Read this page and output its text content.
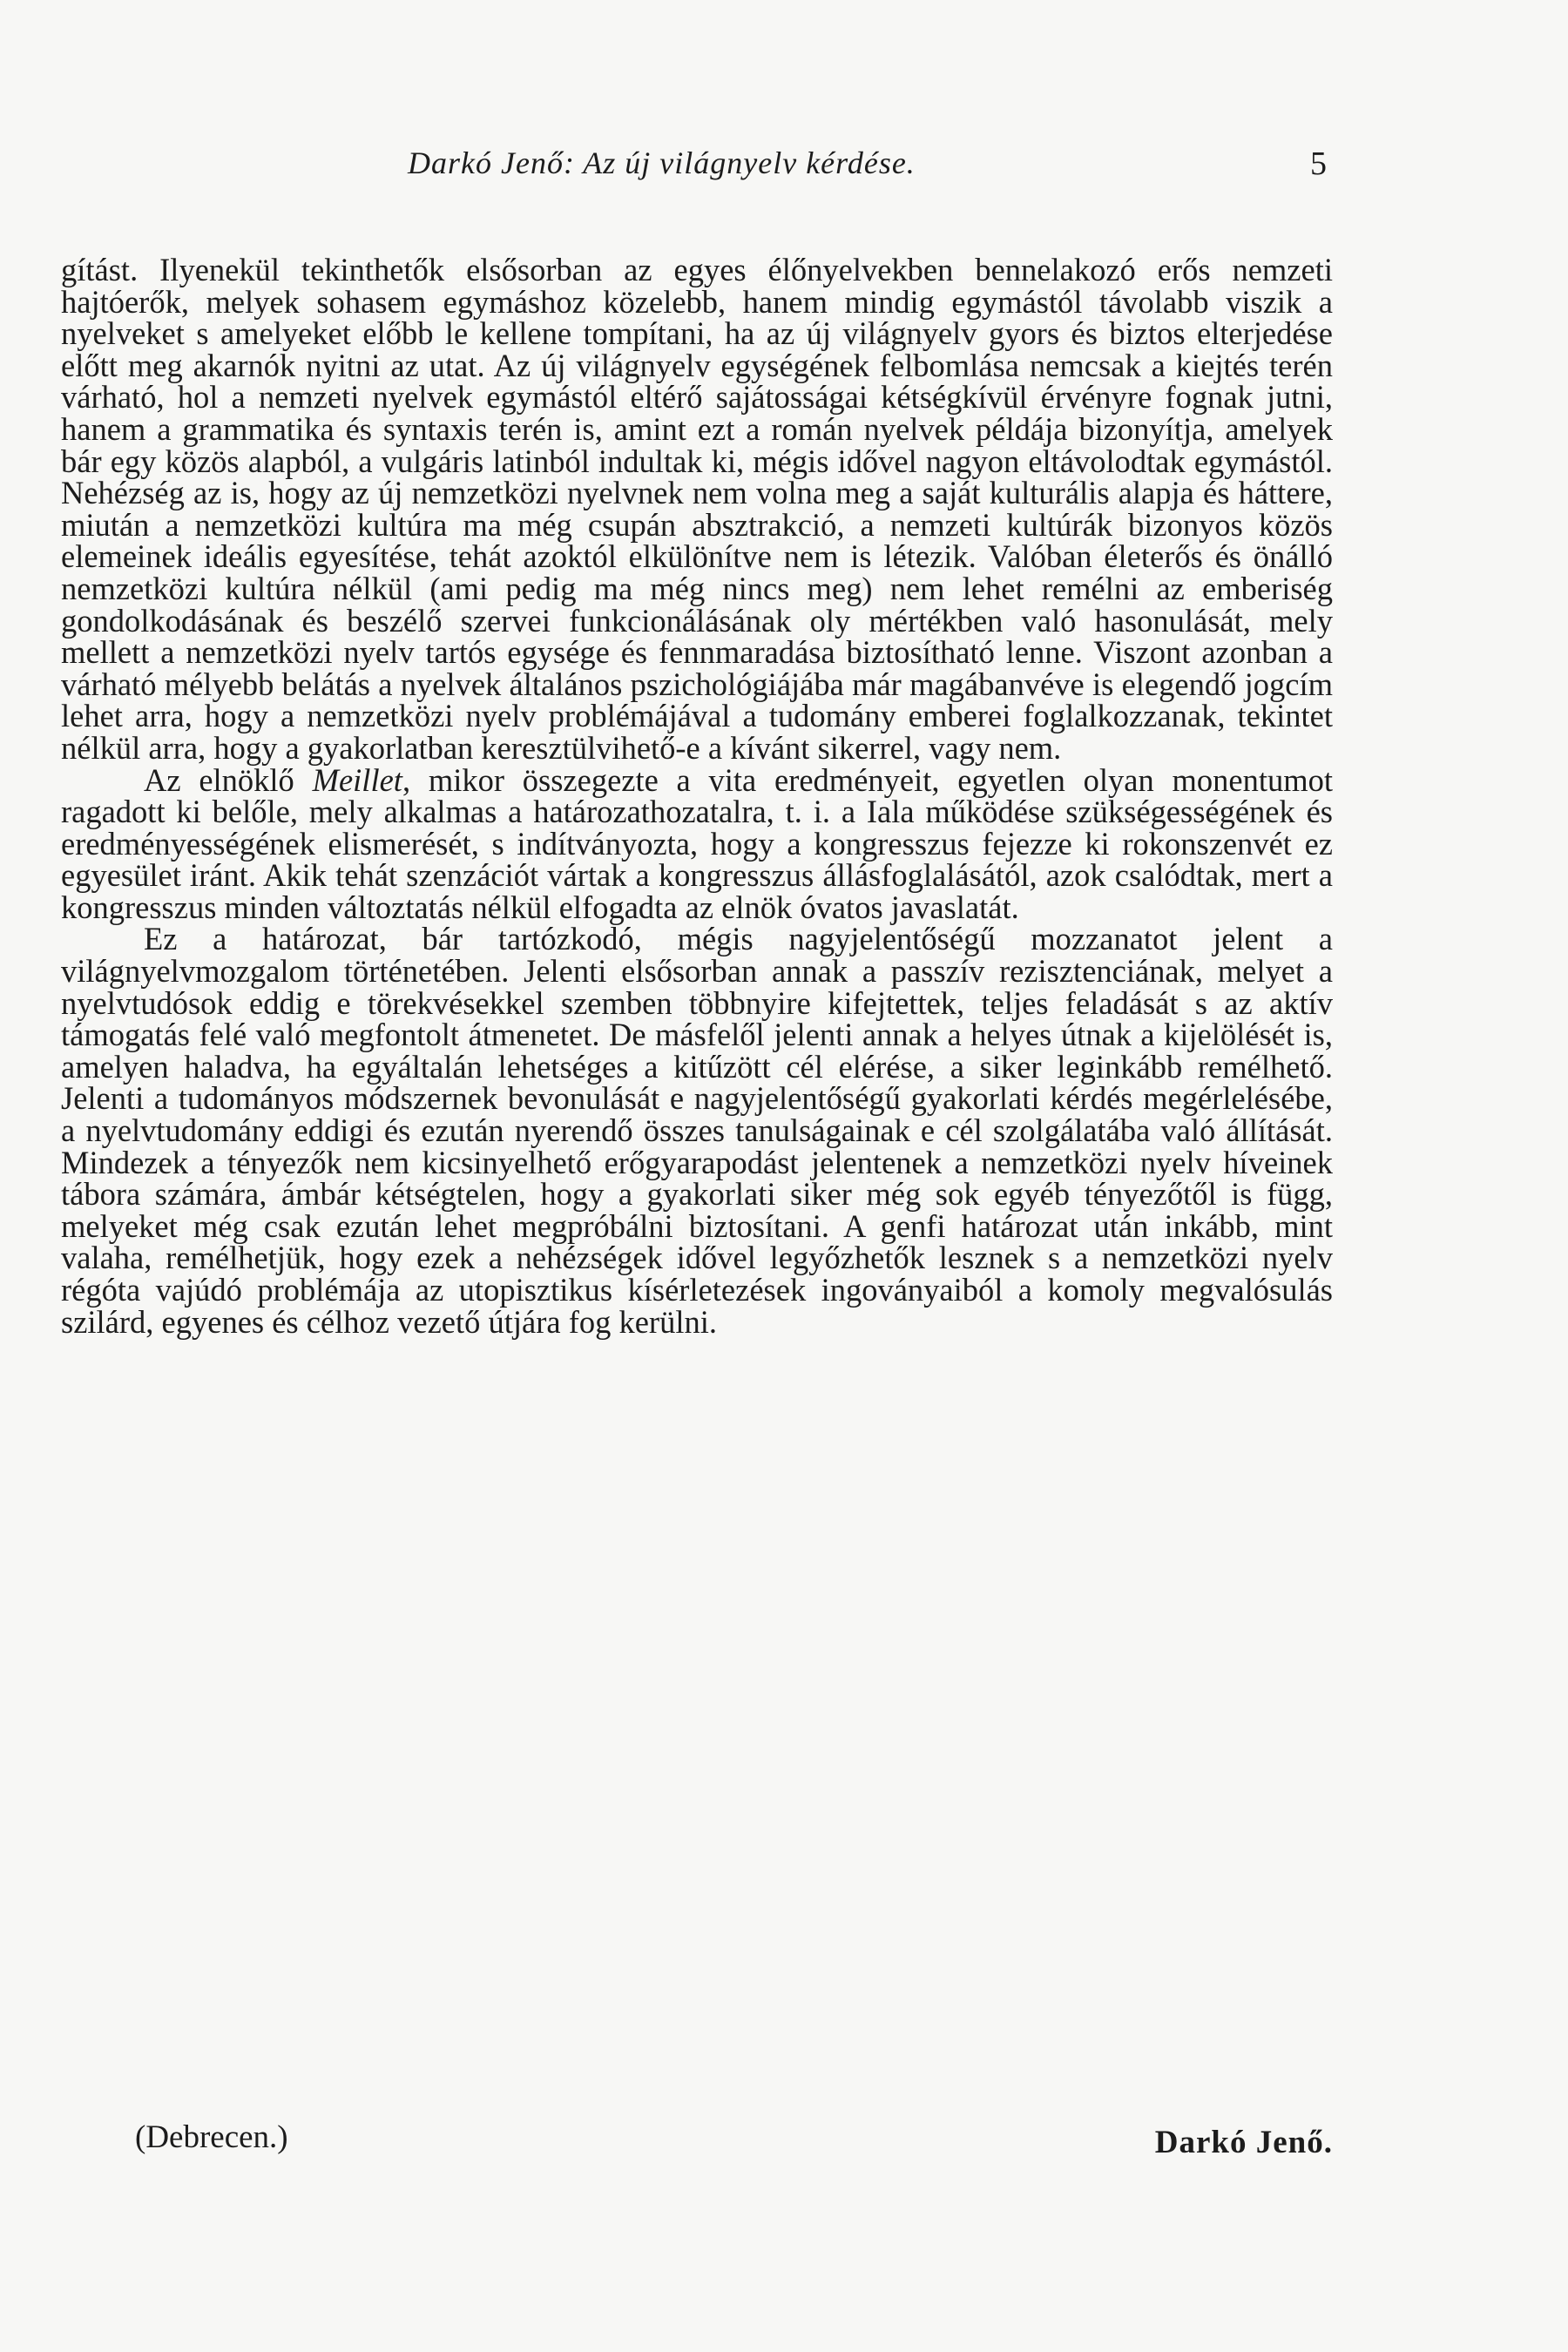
Darkó Jenő: Az új világnyelv kérdése.	5

gítást. Ilyenekül tekinthetők elsősorban az egyes élőnyelvekben bennelakozó erős nemzeti hajtóerők, melyek sohasem egymáshoz közelebb, hanem mindig egymástól távolabb viszik a nyelveket s amelyeket előbb le kellene tompítani, ha az új világnyelv gyors és biztos elterjedése előtt meg akarnók nyitni az utat. Az új világnyelv egységének felbomlása nemcsak a kiejtés terén várható, hol a nemzeti nyelvek egymástól eltérő sajátosságai kétségkívül érvényre fognak jutni, hanem a grammatika és syntaxis terén is, amint ezt a román nyelvek példája bizonyítja, amelyek bár egy közös alapból, a vulgáris latinból indultak ki, mégis idővel nagyon eltávolodtak egymástól. Nehézség az is, hogy az új nemzetközi nyelvnek nem volna meg a saját kulturális alapja és háttere, miután a nemzetközi kultúra ma még csupán absztrakció, a nemzeti kultúrák bizonyos közös elemeinek ideális egyesítése, tehát azoktól elkülönítve nem is létezik. Valóban életerős és önálló nemzetközi kultúra nélkül (ami pedig ma még nincs meg) nem lehet remélni az emberiség gondolkodásának és beszélő szervei funkcionálásának oly mértékben való hasonulását, mely mellett a nemzetközi nyelv tartós egysége és fennmaradása biztosítható lenne. Viszont azonban a várható mélyebb belátás a nyelvek általános pszichológiájába már magábanvéve is elegendő jogcím lehet arra, hogy a nemzetközi nyelv problémájával a tudomány emberei foglalkozzanak, tekintet nélkül arra, hogy a gyakorlatban keresztülvihető-e a kívánt sikerrel, vagy nem.

Az elnöklő Meillet, mikor összegezte a vita eredményeit, egyetlen olyan monentumot ragadott ki belőle, mely alkalmas a határozathozatalra, t. i. a Iala működése szükségességének és eredményességének elismerését, s indítványozta, hogy a kongresszus fejezze ki rokonszenvét ez egyesület iránt. Akik tehát szenzációt vártak a kongresszus állásfoglalásától, azok csalódtak, mert a kongresszus minden változtatás nélkül elfogadta az elnök óvatos javaslatát.

Ez a határozat, bár tartózkodó, mégis nagyjelentőségű mozzanatot jelent a világnyelvmozgalom történetében. Jelenti elsősorban annak a passzív rezisztenciának, melyet a nyelvtudósok eddig e törekvésekkel szemben többnyire kifejtettek, teljes feladását s az aktív támogatás felé való megfontolt átmenetet. De másfelől jelenti annak a helyes útnak a kijelölését is, amelyen haladva, ha egyáltalán lehetséges a kitűzött cél elérése, a siker leginkább remélhető. Jelenti a tudományos módszernek bevonulását e nagyjelentőségű gyakorlati kérdés megérlelésébe, a nyelvtudomány eddigi és ezután nyerendő összes tanulságainak e cél szolgálatába való állítását. Mindezek a tényezők nem kicsinyelhető erőgyarapodást jelentenek a nemzetközi nyelv híveinek tábora számára, ámbár kétségtelen, hogy a gyakorlati siker még sok egyéb tényezőtől is függ, melyeket még csak ezután lehet megpróbálni biztosítani. A genfi határozat után inkább, mint valaha, remélhetjük, hogy ezek a nehézségek idővel legyőzhetők lesznek s a nemzetközi nyelv régóta vajúdó problémája az utopisztikus kísérletezések ingoványaiból a komoly megvalósulás szilárd, egyenes és célhoz vezető útjára fog kerülni.

(Debrecen.)	Darkó Jenő.
